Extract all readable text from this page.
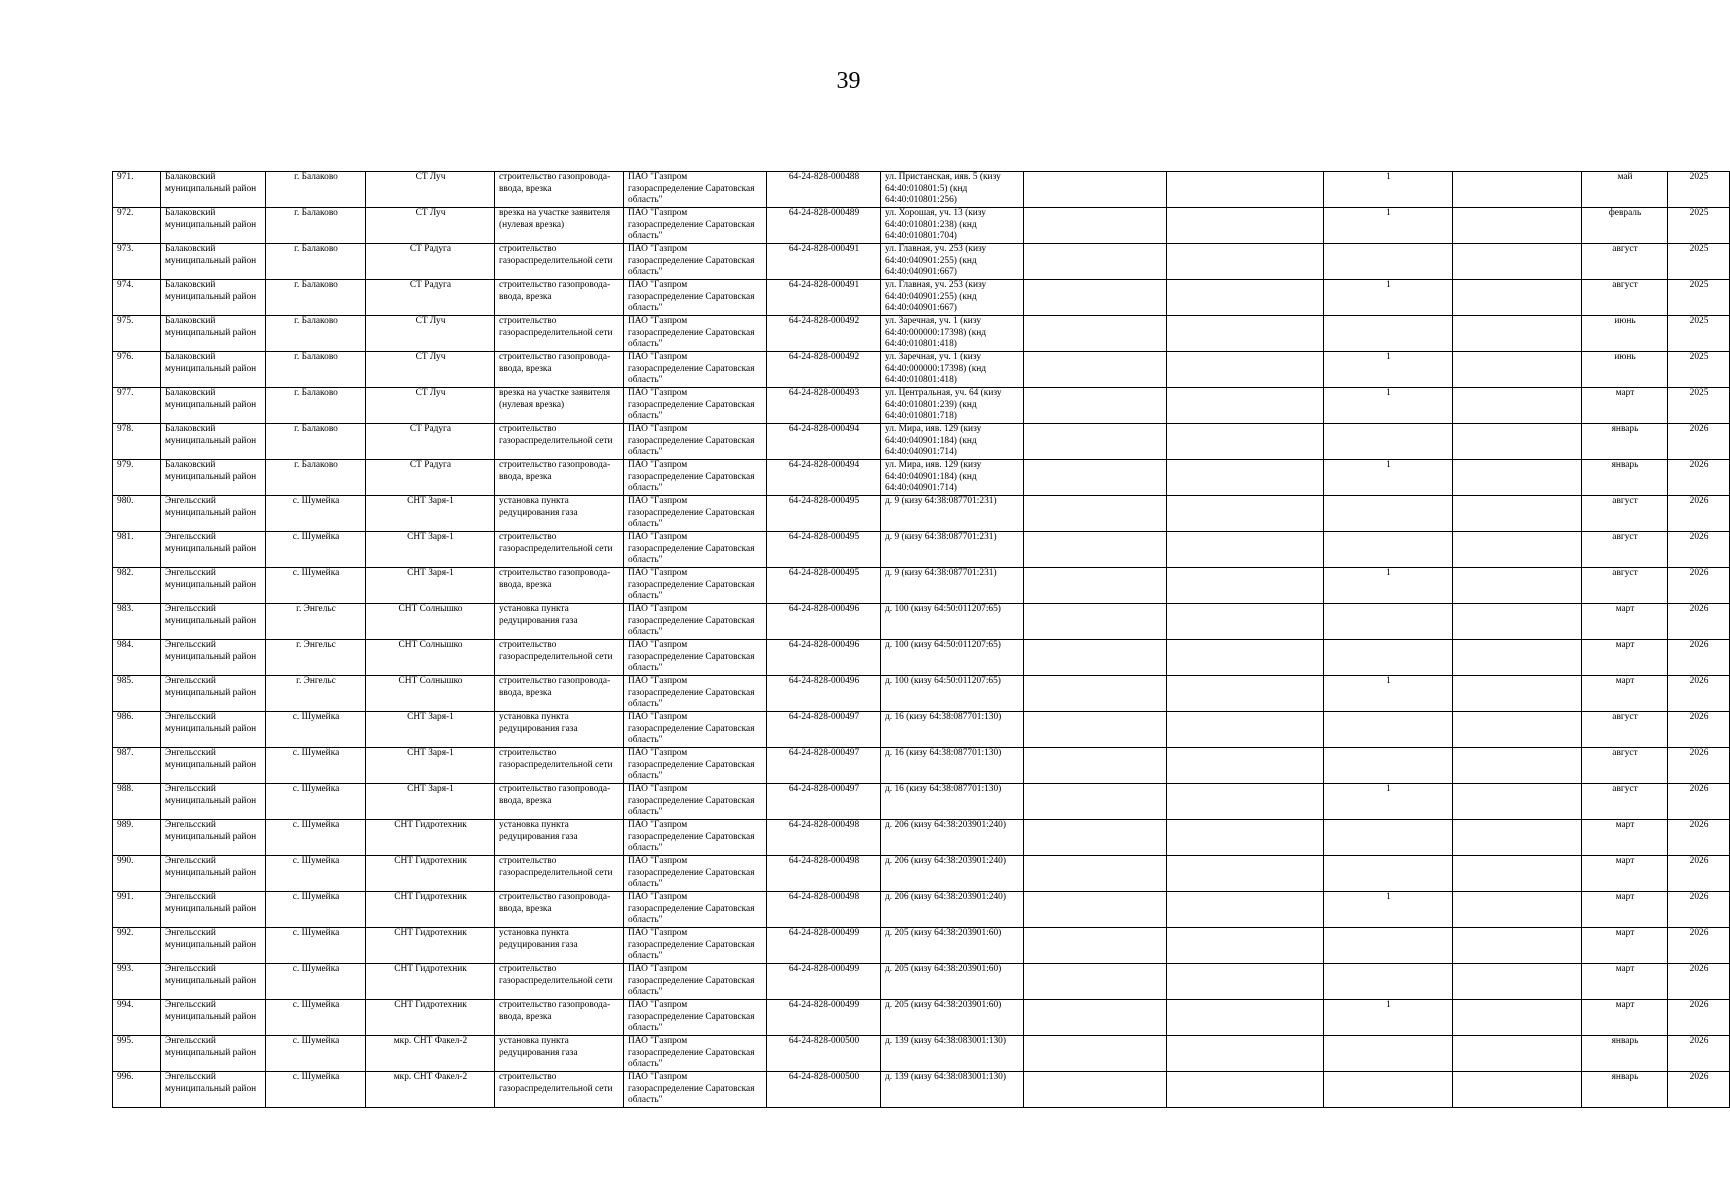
39
971.	Балаковский муниципальный район	г. Балаково	СТ Луч	строительство газопровода-ввода, врезка	ПАО "Газпром газораспределение Саратовская область"	64-24-828-000488	ул. Пристанская, ияв. 5 (кизу 64:40:010801:5) (кнд 64:40:010801:256)			1		май	2025

972.	Балаковский муниципальный район	г. Балаково	СТ Луч	врезка на участке заявителя (нулевая врезка)	ПАО "Газпром газораспределение Саратовская область"	64-24-828-000489	ул. Хорошая, уч. 13 (кизу 64:40:010801:238) (кнд 64:40:010801:704)			1		февраль	2025

973.	Балаковский муниципальный район	г. Балаково	СТ Радуга	строительство газораспределительной сети	ПАО "Газпром газораспределение Саратовская область"	64-24-828-000491	ул. Главная, уч. 253 (кизу 64:40:040901:255) (кнд 64:40:040901:667)					август	2025

974.	Балаковский муниципальный район	г. Балаково	СТ Радуга	строительство газопровода-ввода, врезка	ПАО "Газпром газораспределение Саратовская область"	64-24-828-000491	ул. Главная, уч. 253 (кизу 64:40:040901:255) (кнд 64:40:040901:667)			1		август	2025

975.	Балаковский муниципальный район	г. Балаково	СТ Луч	строительство газораспределительной сети	ПАО "Газпром газораспределение Саратовская область"	64-24-828-000492	ул. Заречная, уч. 1 (кизу 64:40:000000:17398) (кнд 64:40:010801:418)					июнь	2025

976.	Балаковский муниципальный район	г. Балаково	СТ Луч	строительство газопровода-ввода, врезка	ПАО "Газпром газораспределение Саратовская область"	64-24-828-000492	ул. Заречная, уч. 1 (кизу 64:40:000000:17398) (кнд 64:40:010801:418)			1		июнь	2025

977.	Балаковский муниципальный район	г. Балаково	СТ Луч	врезка на участке заявителя (нулевая врезка)	ПАО "Газпром газораспределение Саратовская область"	64-24-828-000493	ул. Центральная, уч. 64 (кизу 64:40:010801:239) (кнд 64:40:010801:718)			1		март	2025

978.	Балаковский муниципальный район	г. Балаково	СТ Радуга	строительство газораспределительной сети	ПАО "Газпром газораспределение Саратовская область"	64-24-828-000494	ул. Мира, ияв. 129 (кизу 64:40:040901:184) (кнд 64:40:040901:714)					январь	2026

979.	Балаковский муниципальный район	г. Балаково	СТ Радуга	строительство газопровода-ввода, врезка	ПАО "Газпром газораспределение Саратовская область"	64-24-828-000494	ул. Мира, ияв. 129 (кизу 64:40:040901:184) (кнд 64:40:040901:714)			1		январь	2026

980.	Энгельсский муниципальный район	с. Шумейка	СНТ Заря-1	установка пункта редуцирования газа	ПАО "Газпром газораспределение Саратовская область"	64-24-828-000495	д. 9 (кизу 64:38:087701:231)					август	2026

981.	Энгельсский муниципальный район	с. Шумейка	СНТ Заря-1	строительство газораспределительной сети	ПАО "Газпром газораспределение Саратовская область"	64-24-828-000495	д. 9 (кизу 64:38:087701:231)					август	2026

982.	Энгельсский муниципальный район	с. Шумейка	СНТ Заря-1	строительство газопровода-ввода, врезка	ПАО "Газпром газораспределение Саратовская область"	64-24-828-000495	д. 9 (кизу 64:38:087701:231)			1		август	2026

983.	Энгельсский муниципальный район	г. Энгельс	СНТ Солнышко	установка пункта редуцирования газа	ПАО "Газпром газораспределение Саратовская область"	64-24-828-000496	д. 100 (кизу 64:50:011207:65)					март	2026

984.	Энгельсский муниципальный район	г. Энгельс	СНТ Солнышко	строительство газораспределительной сети	ПАО "Газпром газораспределение Саратовская область"	64-24-828-000496	д. 100 (кизу 64:50:011207:65)					март	2026

985.	Энгельсский муниципальный район	г. Энгельс	СНТ Солнышко	строительство газопровода-ввода, врезка	ПАО "Газпром газораспределение Саратовская область"	64-24-828-000496	д. 100 (кизу 64:50:011207:65)			1		март	2026

986.	Энгельсский муниципальный район	с. Шумейка	СНТ Заря-1	установка пункта редуцирования газа	ПАО "Газпром газораспределение Саратовская область"	64-24-828-000497	д. 16 (кизу 64:38:087701:130)					август	2026

987.	Энгельсский муниципальный район	с. Шумейка	СНТ Заря-1	строительство газораспределительной сети	ПАО "Газпром газораспределение Саратовская область"	64-24-828-000497	д. 16 (кизу 64:38:087701:130)					август	2026

988.	Энгельсский муниципальный район	с. Шумейка	СНТ Заря-1	строительство газопровода-ввода, врезка	ПАО "Газпром газораспределение Саратовская область"	64-24-828-000497	д. 16 (кизу 64:38:087701:130)			1		август	2026

989.	Энгельсский муниципальный район	с. Шумейка	СНТ Гидротехник	установка пункта редуцирования газа	ПАО "Газпром газораспределение Саратовская область"	64-24-828-000498	д. 206 (кизу 64:38:203901:240)					март	2026

990.	Энгельсский муниципальный район	с. Шумейка	СНТ Гидротехник	строительство газораспределительной сети	ПАО "Газпром газораспределение Саратовская область"	64-24-828-000498	д. 206 (кизу 64:38:203901:240)					март	2026

991.	Энгельсский муниципальный район	с. Шумейка	СНТ Гидротехник	строительство газопровода-ввода, врезка	ПАО "Газпром газораспределение Саратовская область"	64-24-828-000498	д. 206 (кизу 64:38:203901:240)			1		март	2026

992.	Энгельсский муниципальный район	с. Шумейка	СНТ Гидротехник	установка пункта редуцирования газа	ПАО "Газпром газораспределение Саратовская область"	64-24-828-000499	д. 205 (кизу 64:38:203901:60)					март	2026

993.	Энгельсский муниципальный район	с. Шумейка	СНТ Гидротехник	строительство газораспределительной сети	ПАО "Газпром газораспределение Саратовская область"	64-24-828-000499	д. 205 (кизу 64:38:203901:60)					март	2026

994.	Энгельсский муниципальный район	с. Шумейка	СНТ Гидротехник	строительство газопровода-ввода, врезка	ПАО "Газпром газораспределение Саратовская область"	64-24-828-000499	д. 205 (кизу 64:38:203901:60)			1		март	2026

995.	Энгельсский муниципальный район	с. Шумейка	мкр. СНТ Факел-2	установка пункта редуцирования газа	ПАО "Газпром газораспределение Саратовская область"	64-24-828-000500	д. 139 (кизу 64:38:083001:130)					январь	2026

996.	Энгельсский муниципальный район	с. Шумейка	мкр. СНТ Факел-2	строительство газораспределительной сети	ПАО "Газпром газораспределение Саратовская область"	64-24-828-000500	д. 139 (кизу 64:38:083001:130)					январь	2026
